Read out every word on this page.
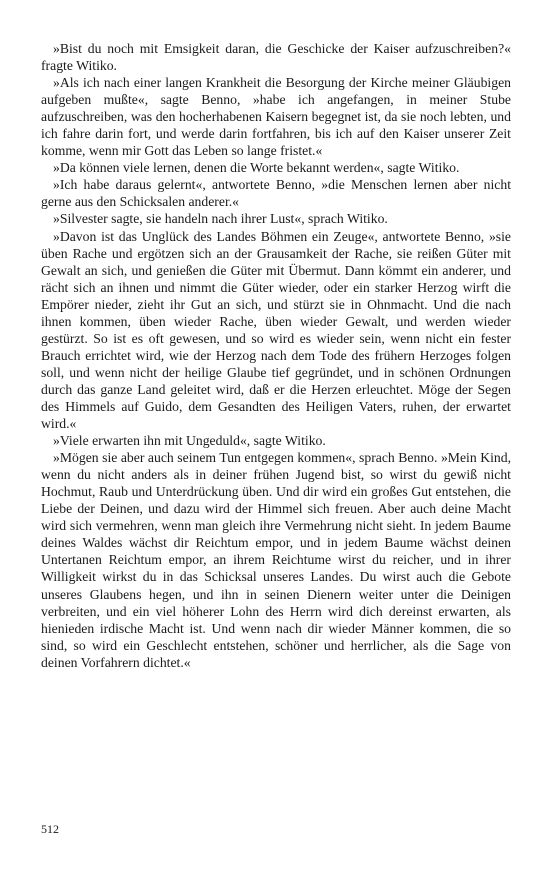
»Bist du noch mit Emsigkeit daran, die Geschicke der Kaiser aufzuschreiben?« fragte Witiko.

»Als ich nach einer langen Krankheit die Besorgung der Kirche meiner Gläubigen aufgeben mußte«, sagte Benno, »habe ich angefangen, in meiner Stube aufzuschreiben, was den hocherhabenen Kaisern begegnet ist, da sie noch lebten, und ich fahre darin fort, und werde darin fortfahren, bis ich auf den Kaiser unserer Zeit komme, wenn mir Gott das Leben so lange fristet.«

»Da können viele lernen, denen die Worte bekannt werden«, sagte Witiko.

»Ich habe daraus gelernt«, antwortete Benno, »die Menschen lernen aber nicht gerne aus den Schicksalen anderer.«

»Silvester sagte, sie handeln nach ihrer Lust«, sprach Witiko.

»Davon ist das Unglück des Landes Böhmen ein Zeuge«, antwortete Benno, »sie üben Rache und ergötzen sich an der Grausamkeit der Rache, sie reißen Güter mit Gewalt an sich, und genießen die Güter mit Übermut. Dann kömmt ein anderer, und rächt sich an ihnen und nimmt die Güter wieder, oder ein starker Herzog wirft die Empörer nieder, zieht ihr Gut an sich, und stürzt sie in Ohnmacht. Und die nach ihnen kommen, üben wieder Rache, üben wieder Gewalt, und werden wieder gestürzt. So ist es oft gewesen, und so wird es wieder sein, wenn nicht ein fester Brauch errichtet wird, wie der Herzog nach dem Tode des frühern Herzoges folgen soll, und wenn nicht der heilige Glaube tief gegründet, und in schönen Ordnungen durch das ganze Land geleitet wird, daß er die Herzen erleuchtet. Möge der Segen des Himmels auf Guido, dem Gesandten des Heiligen Vaters, ruhen, der erwartet wird.«

»Viele erwarten ihn mit Ungeduld«, sagte Witiko.

»Mögen sie aber auch seinem Tun entgegen kommen«, sprach Benno. »Mein Kind, wenn du nicht anders als in deiner frühen Jugend bist, so wirst du gewiß nicht Hochmut, Raub und Unterdrückung üben. Und dir wird ein großes Gut entstehen, die Liebe der Deinen, und dazu wird der Himmel sich freuen. Aber auch deine Macht wird sich vermehren, wenn man gleich ihre Vermehrung nicht sieht. In jedem Baume deines Waldes wächst dir Reichtum empor, und in jedem Baume wächst deinen Untertanen Reichtum empor, an ihrem Reichtume wirst du reicher, und in ihrer Willigkeit wirkst du in das Schicksal unseres Landes. Du wirst auch die Gebote unseres Glaubens hegen, und ihn in seinen Dienern weiter unter die Deinigen verbreiten, und ein viel höherer Lohn des Herrn wird dich dereinst erwarten, als hienieden irdische Macht ist. Und wenn nach dir wieder Männer kommen, die so sind, so wird ein Geschlecht entstehen, schöner und herrlicher, als die Sage von deinen Vorfahrern dichtet.«

512
